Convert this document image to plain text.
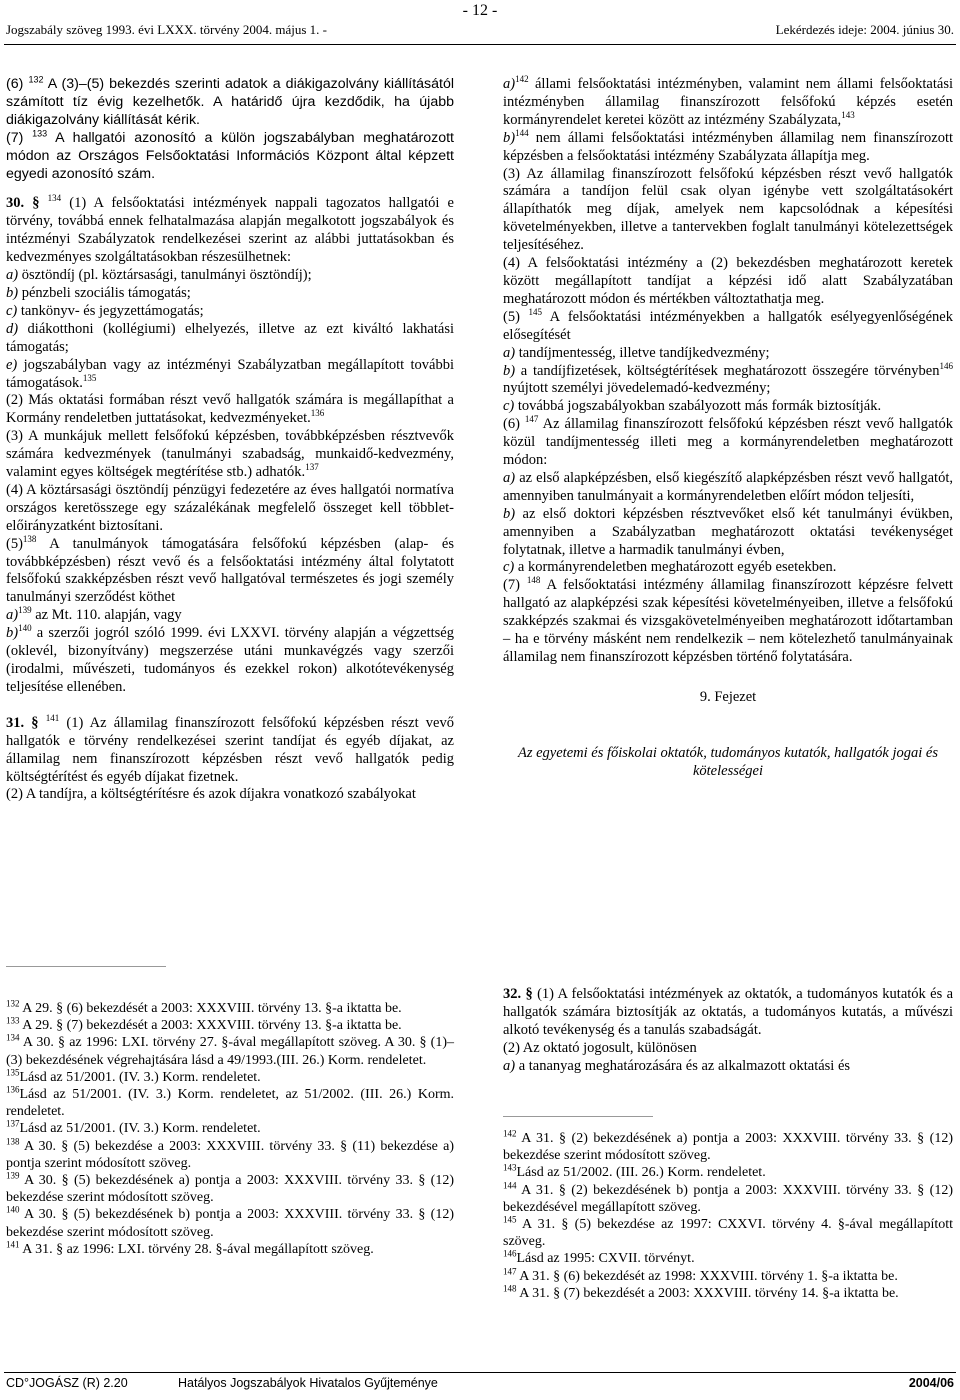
- 12 -
Jogszabály szöveg 1993. évi LXXX. törvény 2004. május 1. -	Lekérdezés ideje: 2004. június 30.

(6) $^{132}$ A (3)–(5) bekezdés szerinti adatok a diákigazolvány kiállításától számított tíz évig kezelhetők. A határidő újra kezdődik, ha újabb diákigazolvány kiállítását kérik.

(7) $^{133}$ A hallgatói azonosító a külön jogszabályban meghatározott módon az Országos Felsőoktatási Információs Központ által képzett egyedi azonosító szám.

30. § $^{134}$ (1) A felsőoktatási intézmények nappali tagozatos hallgatói e törvény, továbbá ennek felhatalmazása alapján megalkotott jogszabályok és intézményi Szabályzatok rendelkezései szerint az alábbi juttatásokban és kedvezményes szolgáltatásokban részesülhetnek:

a) ösztöndíj (pl. köztársasági, tanulmányi ösztöndíj);

b) pénzbeli szociális támogatás;

c) tankönyv- és jegyzettámogatás;

d) diákotthoni (kollégiumi) elhelyezés, illetve az ezt kiváltó lakhatási támogatás;

e) jogszabályban vagy az intézményi Szabályzatban megállapított további támogatások.$^{135}$

(2) Más oktatási formában részt vevő hallgatók számára is megállapíthat a Kormány rendeletben juttatásokat, kedvezményeket.$^{136}$

(3) A munkájuk mellett felsőfokú képzésben, továbbképzésben résztvevők számára kedvezmények (tanulmányi szabadság, munkaidő-kedvezmény, valamint egyes költségek megtérítése stb.) adhatók.$^{137}$

(4) A köztársasági ösztöndíj pénzügyi fedezetére az éves hallgatói normatíva országos keretösszege egy százalékának megfelelő összeget kell többlet-előirányzatként biztosítani.

$(5)^{138}$ A tanulmányok támogatására felsőfokú képzésben (alap- és továbbképzésben) részt vevő és a felsőoktatási intézmény által folytatott felsőfokú szakképzésben részt vevő hallgatóval természetes és jogi személy tanulmányi szerződést köthet

a)$^{139}$ az Mt. 110. alapján, vagy

b)$^{140}$ a szerzői jogról szóló 1999. évi LXXVI. törvény alapján a végzettség (oklevél, bizonyítvány) megszerzése utáni munkavégzés vagy szerzői (irodalmi, művészeti, tudományos és ezekkel rokon) alkotótevékenység teljesítése ellenében.

31. § $^{141}$ (1) Az államilag finanszírozott felsőfokú képzésben részt vevő hallgatók e törvény rendelkezései szerint tandíjat és egyéb díjakat, az államilag nem finanszírozott képzésben részt vevő hallgatók pedig költségtérítést és egyéb díjakat fizetnek.

(2) A tandíjra, a költségtérítésre és azok díjakra vonatkozó szabályokat

a)$^{142}$ állami felsőoktatási intézményben, valamint nem állami felsőoktatási intézményben államilag finanszírozott felsőfokú képzés esetén kormányrendelet keretei között az intézmény Szabályzata,$^{143}$

b)$^{144}$ nem állami felsőoktatási intézményben államilag nem finanszírozott képzésben a felsőoktatási intézmény Szabályzata állapítja meg.

(3) Az államilag finanszírozott felsőfokú képzésben részt vevő hallgatók számára a tandíjon felül csak olyan igénybe vett szolgáltatásokért állapíthatók meg díjak, amelyek nem kapcsolódnak a képesítési követelményekben, illetve a tantervekben foglalt tanulmányi kötelezettségek teljesítéséhez.

(4) A felsőoktatási intézmény a (2) bekezdésben meghatározott keretek között megállapított tandíjat a képzési idő alatt Szabályzatában meghatározott módon és mértékben változtathatja meg.

(5) $^{145}$ A felsőoktatási intézményekben a hallgatók esélyegyenlőségének elősegítését

a) tandíjmentesség, illetve tandíjkedvezmény;

b) a tandíjfizetések, költségtérítések meghatározott összegére törvényben$^{146}$ nyújtott személyi jövedelemadó-kedvezmény;

c) továbbá jogszabályokban szabályozott más formák biztosítják.

(6) $^{147}$ Az államilag finanszírozott felsőfokú képzésben részt vevő hallgatók közül tandíjmentesség illeti meg a kormányrendeletben meghatározott módon:

a) az első alapképzésben, első kiegészítő alapképzésben részt vevő hallgatót, amennyiben tanulmányait a kormányrendeletben előírt módon teljesíti,

b) az első doktori képzésben résztvevőket első két tanulmányi évükben, amennyiben a Szabályzatban meghatározott oktatási tevékenységet folytatnak, illetve a harmadik tanulmányi évben,

c) a kormányrendeletben meghatározott egyéb esetekben.

(7) $^{148}$ A felsőoktatási intézmény államilag finanszírozott képzésre felvett hallgató az alapképzési szak képesítési követelményeiben, illetve a felsőfokú szakképzés szakmai és vizsgakövetelményeiben meghatározott időtartamban – ha e törvény másként nem rendelkezik – nem kötelezhető tanulmányainak államilag nem finanszírozott képzésben történő folytatására.

9. Fejezet

Az egyetemi és főiskolai oktatók, tudományos kutatók, hallgatók jogai és kötelességei

32. § (1) A felsőoktatási intézmények az oktatók, a tudományos kutatók és a hallgatók számára biztosítják az oktatás, a tudományos kutatás, a művészi alkotó tevékenység és a tanulás szabadságát.

(2) Az oktató jogosult, különösen

a) a tananyag meghatározására és az alkalmazott oktatási és

$^{132}$ A 29. § (6) bekezdését a 2003: XXXVIII. törvény 13. §-a iktatta be.

$^{133}$ A 29. § (7) bekezdését a 2003: XXXVIII. törvény 13. §-a iktatta be.

$^{134}$ A 30. § az 1996: LXI. törvény 27. §-ával megállapított szöveg. A 30. § (1)–(3) bekezdésének végrehajtására lásd a 49/1993.(III. 26.) Korm. rendeletet.

$^{135}$Lásd az 51/2001. (IV. 3.) Korm. rendeletet.

$^{136}$Lásd az 51/2001. (IV. 3.) Korm. rendeletet, az 51/2002. (III. 26.) Korm. rendeletet.

$^{137}$Lásd az 51/2001. (IV. 3.) Korm. rendeletet.

$^{138}$ A 30. § (5) bekezdése a 2003: XXXVIII. törvény 33. § (11) bekezdése a) pontja szerint módosított szöveg.

$^{139}$ A 30. § (5) bekezdésének a) pontja a 2003: XXXVIII. törvény 33. § (12) bekezdése szerint módosított szöveg.

$^{140}$ A 30. § (5) bekezdésének b) pontja a 2003: XXXVIII. törvény 33. § (12) bekezdése szerint módosított szöveg.

$^{141}$ A 31. § az 1996: LXI. törvény 28. §-ával megállapított szöveg.

$^{142}$ A 31. § (2) bekezdésének a) pontja a 2003: XXXVIII. törvény 33. § (12) bekezdése szerint módosított szöveg.

$^{143}$Lásd az 51/2002. (III. 26.) Korm. rendeletet.

$^{144}$ A 31. § (2) bekezdésének b) pontja a 2003: XXXVIII. törvény 33. § (12) bekezdésével megállapított szöveg.

$^{145}$ A 31. § (5) bekezdése az 1997: CXXVI. törvény 4. §-ával megállapított szöveg.

$^{146}$Lásd az 1995: CXVII. törvényt.

$^{147}$ A 31. § (6) bekezdését az 1998: XXXVIII. törvény 1. §-a iktatta be.

$^{148}$ A 31. § (7) bekezdését a 2003: XXXVIII. törvény 14. §-a iktatta be.

CD°JOGÁSZ (R) 2.20	Hatályos Jogszabályok Hivatalos Gyűjteménye	2004/06
